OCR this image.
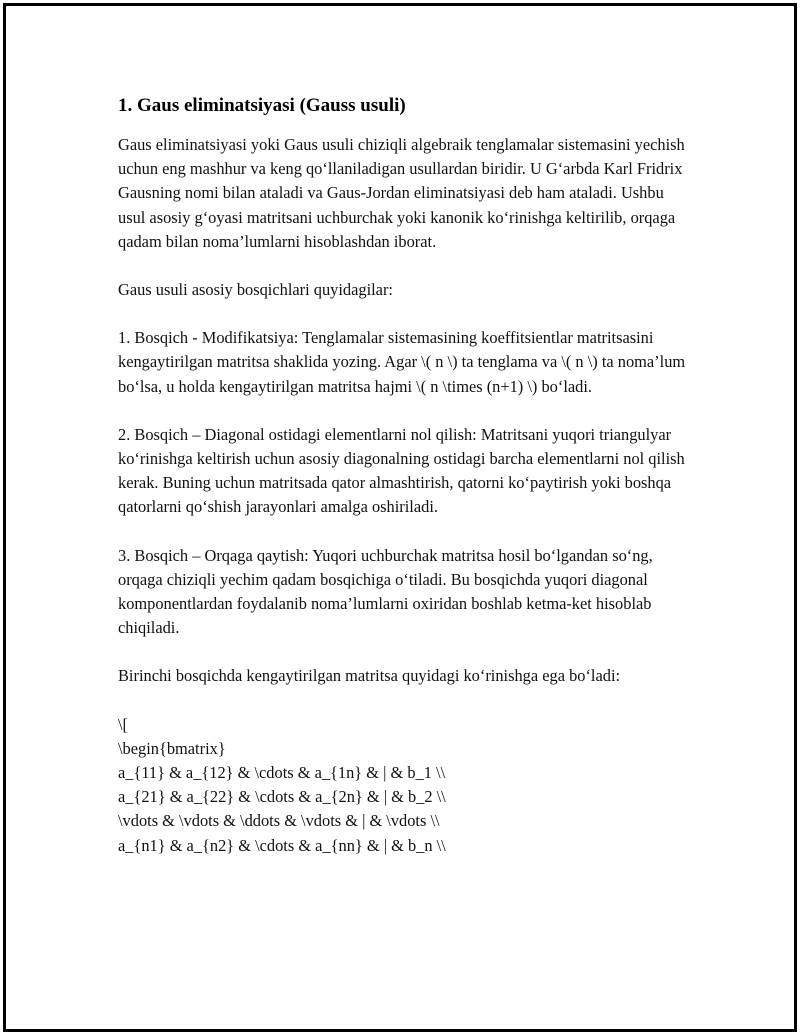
1. Gaus eliminatsiyasi (Gauss usuli)

Gaus eliminatsiyasi yoki Gaus usuli chiziqli algebraik tenglamalar sistemasini yechish uchun eng mashhur va keng qo‘llaniladigan usullardan biridir. U G‘arbda Karl Fridrix Gausning nomi bilan ataladi va Gaus-Jordan eliminatsiyasi deb ham ataladi. Ushbu usul asosiy g‘oyasi matritsani uchburchak yoki kanonik ko‘rinishga keltirilib, orqaga qadam bilan noma’lumlarni hisoblashdan iborat.

Gaus usuli asosiy bosqichlari quyidagilar:

1. Bosqich - Modifikatsiya: Tenglamalar sistemasining koeffitsientlar matritsasini kengaytirilgan matritsa shaklida yozing. Agar \( n \) ta tenglama va \( n \) ta noma’lum bo‘lsa, u holda kengaytirilgan matritsa hajmi \( n \times (n+1) \) bo‘ladi.

2. Bosqich – Diagonal ostidagi elementlarni nol qilish: Matritsani yuqori triangulyar ko‘rinishga keltirish uchun asosiy diagonalning ostidagi barcha elementlarni nol qilish kerak. Buning uchun matritsada qator almashtirish, qatorni ko‘paytirish yoki boshqa qatorlarni qo‘shish jarayonlari amalga oshiriladi.

3. Bosqich – Orqaga qaytish: Yuqori uchburchak matritsa hosil bo‘lgandan so‘ng, orqaga chiziqli yechim qadam bosqichiga o‘tiladi. Bu bosqichda yuqori diagonal komponentlardan foydalanib noma’lumlarni oxiridan boshlab ketma-ket hisoblab chiqiladi.

Birinchi bosqichda kengaytirilgan matritsa quyidagi ko‘rinishga ega bo‘ladi:

\[
\begin{bmatrix}
a_{11} & a_{12} & \cdots & a_{1n} & | & b_1 \\
a_{21} & a_{22} & \cdots & a_{2n} & | & b_2 \\
\vdots & \vdots & \ddots & \vdots & | & \vdots \\
a_{n1} & a_{n2} & \cdots & a_{nn} & | & b_n \\
